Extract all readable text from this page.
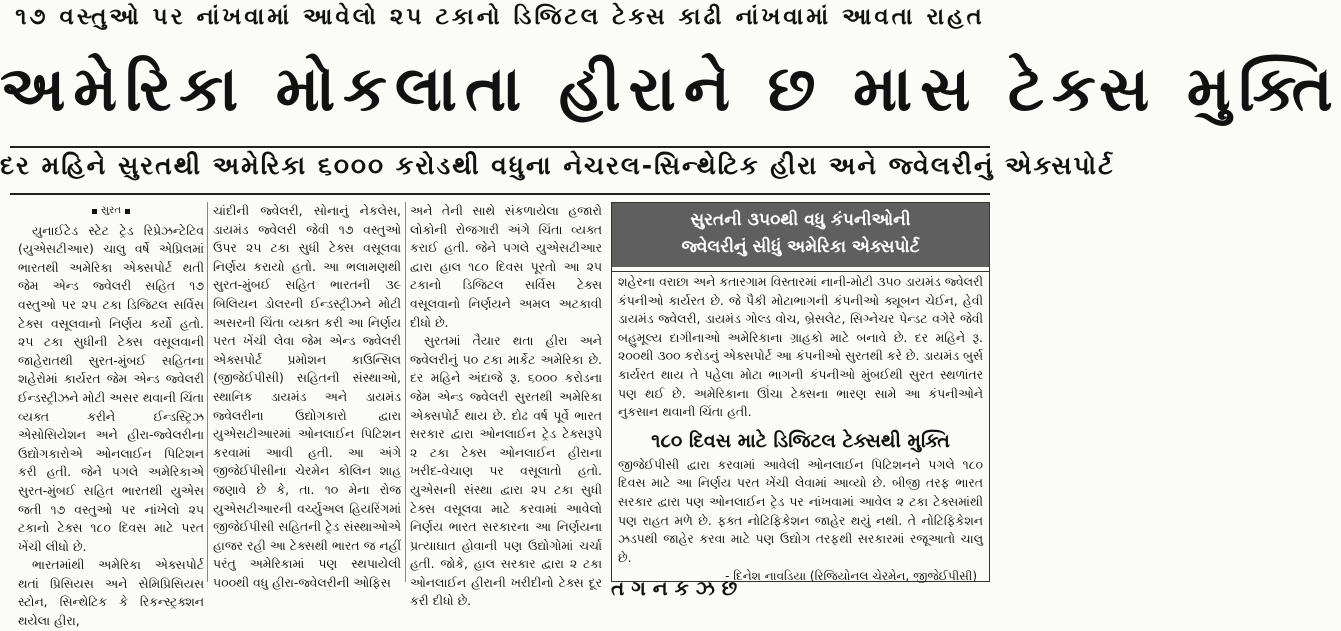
૧૭ વસ્તુઓ પર નાંખવામાં આવેલો ૨૫ ટકાનો ડિજિટલ ટેક્સ કાઢી નાંખવામાં આવતા રાહત
અમેરિકા મોકલાતા હીરાને છ માસ ટેક્સ મુક્તિ
દર મહિને સુરતથી અમેરિકા ૬૦૦૦ કરોડથી વધુના નેચરલ-સિન્થેટિક હીરા અને જ્વેલરીનું એક્સપોર્ટ
સુરત

યુનાઈટેડ સ્ટેટ ટ્રેડ રિપ્રેઝન્ટેટિવ (યુએસટીઆર) ચાલુ વર્ષે એપ્રિલમાં ભારતથી અમેરિકા એક્સપોર્ટ થતી જેમ એન્ડ જ્વેલરી સહિત ૧૭ વસ્તુઓ પર ૨૫ ટકા ડિજિટલ સર્વિસ ટેક્સ વસૂલવાનો નિર્ણય કર્યો હતો. ૨૫ ટકા સુધીની ટેક્સ વસૂલવાની જાહેરાતથી સુરત-મુંબઈ સહિતના શહેરોમાં કાર્યરત જેમ એન્ડ જ્વેલરી ઈન્ડસ્ટ્રીઝને મોટી અસર થવાની ચિંતા વ્યક્ત કરીને ઈન્ડસ્ટ્રિઝ એસોસિયેશન અને હીરા-જ્વેલરીના ઉદ્યોગકારોએ ઓનલાઈન પિટિશન કરી હતી. જેને પગલે અમેરિકાએ સુરત-મુંબઈ સહિત ભારતથી યુએસ જતી ૧૭ વસ્તુઓ પર નાંખેલો ૨૫ ટકાનો ટેક્સ ૧૮૦ દિવસ માટે પરત ખેંચી લીધો છે.

ભારતમાંથી અમેરિકા એક્સપોર્ટ થતાં પ્રિસિયસ અને સેમિપ્રિસિયસ સ્ટોન, સિન્થેટિક કે રિકન્સ્ટ્રક્શન થયેલા હીરા,

ચાંદીની જ્વેલરી, સોનાનું નેકલેસ, ડાયમંડ જ્વેલરી જેવી ૧૭ વસ્તુઓ ઉપર ૨૫ ટકા સુધી ટેક્સ વસૂલવા નિર્ણય કરાયો હતો. આ ભલામણથી સુરત-મુંબઈ સહિત ભારતની ૩૯ બિલિયન ડોલરની ઈન્ડસ્ટ્રીઝને મોટી અસરની ચિંતા વ્યક્ત કરી આ નિર્ણય પરત ખેંચી લેવા જેમ એન્ડ જ્વેલરી એક્સપોર્ટ પ્રમોશન કાઉન્સિલ (જીજેઈપીસી) સહિતની સંસ્થાઓ, સ્થાનિક ડાયમંડ અને ડાયમંડ જ્વેલરીના ઉદ્યોગકારો દ્વારા યુએસટીઆરમાં ઓનલાઈન પિટિશન કરવામાં આવી હતી. આ અંગે જીજેઈપીસીના ચેરમેન કોલિન શાહ જણાવે છે કે, તા. ૧૦ મેના રોજ યુએસટીઆરની વર્ચ્યુઅલ હિયરિંગમાં જીજેઈપીસી સહિતની ટ્રેડ સંસ્થાઓએ હાજર રહી આ ટેક્સથી ભારત જ નહીં પરંતુ અમેરિકામાં પણ સ્થપાયેલી ૫૦૦થી વધુ હીરા-જ્વેલરીની ઓફિસ

અને તેની સાથે સંકળાયેલા હજારો લોકોની રોજગારી અંગે ચિંતા વ્યક્ત કરાઈ હતી. જેને પગલે યુએસટીઆર દ્વારા હાલ ૧૮૦ દિવસ પૂરતો આ ૨૫ ટકાનો ડિજિટલ સર્વિસ ટેક્સ વસૂલવાનો નિર્ણયને અમલ અટકાવી દીધો છે.

સુરતમાં તૈયાર થતા હીરા અને જ્વેલરીનું ૫૦ ટકા માર્કેટ અમેરિકા છે. દર મહિને અંદાજે રૂ. ૬૦૦૦ કરોડના જેમ એન્ડ જ્વેલરી સુરતથી અમેરિકા એક્સપોર્ટ થાય છે. દોઢ વર્ષ પૂર્વે ભારત સરકાર દ્વારા ઓનલાઈન ટ્રેડ ટેક્સરૂપે ૨ ટકા ટેક્સ ઓનલાઈન હીરાના ખરીદ-વેચાણ પર વસૂલાતો હતો. યુએસની સંસ્થા દ્વારા ૨૫ ટકા સુધી ટેક્સ વસૂલવા માટે કરવામાં આવેલો નિર્ણય ભારત સરકારના આ નિર્ણયના પ્રત્યાઘાત હોવાની પણ ઉદ્યોગોમાં ચર્ચા હતી. જોકે, હાલ સરકાર દ્વારા ૨ ટકા ઓનલાઈન હીરાની ખરીદીનો ટેક્સ દૂર કરી દીધો છે.

સુરતની ૩૫૦થી વધુ કંપનીઓની
જ્વેલરીનું સીધું અમેરિકા એક્સપોર્ટ
શહેરના વરાછા અને કતારગામ વિસ્તારમાં નાની-મોટી ૩૫૦ ડાયમંડ જ્વેલરી કંપનીઓ કાર્યરત છે. જે પૈકી મોટાભાગની કંપનીઓ ક્યૂબન ચેઈન, હેવી ડાયમંડ જ્વેલરી, ડાયમંડ ગોલ્ડ વોચ, બ્રેસલેટ, સિગ્નેચર પેન્ડટ વગેરે જેવી બહુમૂલ્ય દાગીનાઓ અમેરિકાના ગ્રાહકો માટે બનાવે છે. દર મહિને રૂ. ૨૦૦થી ૩૦૦ કરોડનું એક્સપોર્ટ આ કંપનીઓ સુરતથી કરે છે. ડાયમંડ બુર્સ કાર્યરત થાય તે પહેલા મોટા ભાગની કંપનીઓ મુંબઈથી સુરત સ્થળાંતર પણ થઈ છે. અમેરિકાના ઊંચા ટેક્સના ભારણ સામે આ કંપનીઓને નુકસાન થવાની ચિંતા હતી.
૧૮૦ દિવસ માટે ડિજિટલ ટેક્સથી મુક્તિ
જીજેઈપીસી દ્વારા કરવામાં આવેલી ઓનલાઈન પિટિશનને પગલે ૧૮૦ દિવસ માટે આ નિર્ણય પરત ખેંચી લેવામાં આવ્યો છે. બીજી તરફ ભારત સરકાર દ્વારા પણ ઓનલાઈન ટ્રેડ પર નાંખવામાં આવેલ ૨ ટકા ટેક્સમાંથી પણ રાહત મળે છે. ફક્ત નોટિફિકેશન જાહેર થયું નથી. તે નોટિફિકેશન ઝડપથી જાહેર કરવા માટે પણ ઉદ્યોગ તરફથી સરકારમાં રજૂઆતો ચાલુ છે.
- દિનેશ નાવડિયા (રિજિયોનલ ચેરમેન, જીજેઈપીસી)
ત ગ ન ક ઝ છ
